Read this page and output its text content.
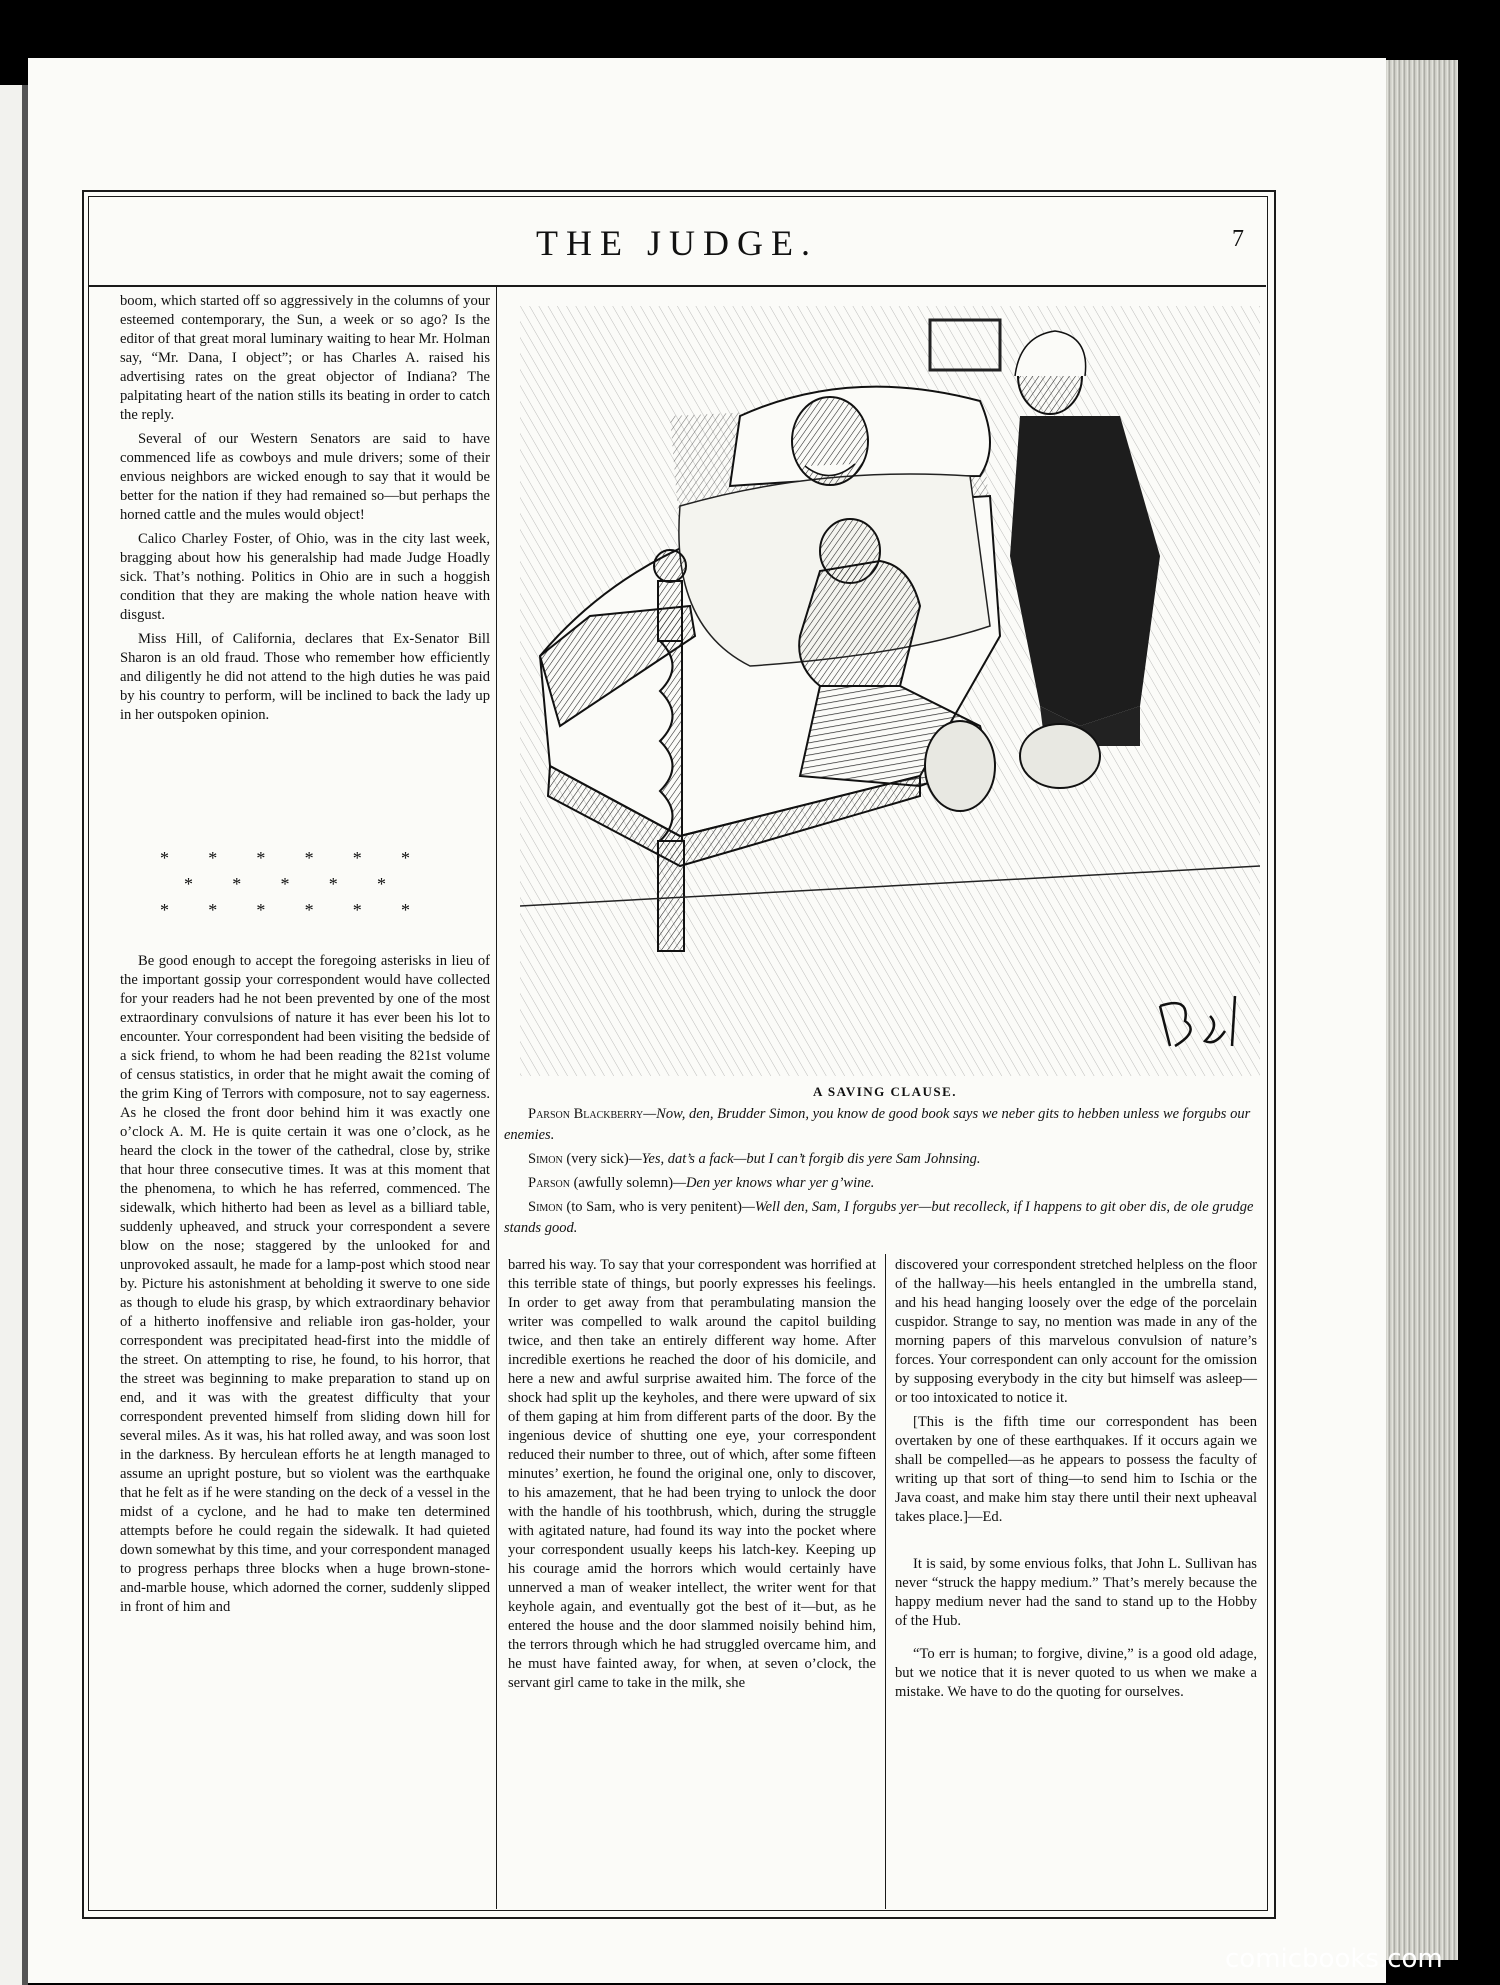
THE JUDGE.	7

boom, which started off so aggressively in the columns of your esteemed contemporary, the Sun, a week or so ago? Is the editor of that great moral luminary waiting to hear Mr. Holman say, “Mr. Dana, I object”; or has Charles A. raised his advertising rates on the great objector of Indiana? The palpitating heart of the nation stills its beating in order to catch the reply.

Several of our Western Senators are said to have commenced life as cowboys and mule drivers; some of their envious neighbors are wicked enough to say that it would be better for the nation if they had remained so—but perhaps the horned cattle and the mules would object!

Calico Charley Foster, of Ohio, was in the city last week, bragging about how his generalship had made Judge Hoadly sick. That’s nothing. Politics in Ohio are in such a hoggish condition that they are making the whole nation heave with disgust.

Miss Hill, of California, declares that Ex-Senator Bill Sharon is an old fraud. Those who remember how efficiently and diligently he did not attend to the high duties he was paid by his country to perform, will be inclined to back the lady up in her outspoken opinion.

* * * * * *
* * * * *
* * * * * *

Be good enough to accept the foregoing asterisks in lieu of the important gossip your correspondent would have collected for your readers had he not been prevented by one of the most extraordinary convulsions of nature it has ever been his lot to encounter. Your correspondent had been visiting the bedside of a sick friend, to whom he had been reading the 821st volume of census statistics, in order that he might await the coming of the grim King of Terrors with composure, not to say eagerness. As he closed the front door behind him it was exactly one o’clock A. M. He is quite certain it was one o’clock, as he heard the clock in the tower of the cathedral, close by, strike that hour three consecutive times. It was at this moment that the phenomena, to which he has referred, commenced. The sidewalk, which hitherto had been as level as a billiard table, suddenly upheaved, and struck your correspondent a severe blow on the nose; staggered by the unlooked for and unprovoked assault, he made for a lamp-post which stood near by. Picture his astonishment at beholding it swerve to one side as though to elude his grasp, by which extraordinary behavior of a hitherto inoffensive and reliable iron gas-holder, your correspondent was precipitated head-first into the middle of the street. On attempting to rise, he found, to his horror, that the street was beginning to make preparation to stand up on end, and it was with the greatest difficulty that your correspondent prevented himself from sliding down hill for several miles. As it was, his hat rolled away, and was soon lost in the darkness. By herculean efforts he at length managed to assume an upright posture, but so violent was the earthquake that he felt as if he were standing on the deck of a vessel in the midst of a cyclone, and he had to make ten determined attempts before he could regain the sidewalk. It had quieted down somewhat by this time, and your correspondent managed to progress perhaps three blocks when a huge brown-stone-and-marble house, which adorned the corner, suddenly slipped in front of him and

A SAVING CLAUSE.

Parson Blackberry—Now, den, Brudder Simon, you know de good book says we neber gits to hebben unless we forgubs our enemies.

Simon (very sick)—Yes, dat’s a fack—but I can’t forgib dis yere Sam Johnsing.

Parson (awfully solemn)—Den yer knows whar yer g’wine.

Simon (to Sam, who is very penitent)—Well den, Sam, I forgubs yer—but recolleck, if I happens to git ober dis, de ole grudge stands good.

barred his way. To say that your correspondent was horrified at this terrible state of things, but poorly expresses his feelings. In order to get away from that perambulating mansion the writer was compelled to walk around the capitol building twice, and then take an entirely different way home. After incredible exertions he reached the door of his domicile, and here a new and awful surprise awaited him. The force of the shock had split up the keyholes, and there were upward of six of them gaping at him from different parts of the door. By the ingenious device of shutting one eye, your correspondent reduced their number to three, out of which, after some fifteen minutes’ exertion, he found the original one, only to discover, to his amazement, that he had been trying to unlock the door with the handle of his toothbrush, which, during the struggle with agitated nature, had found its way into the pocket where your correspondent usually keeps his latch-key. Keeping up his courage amid the horrors which would certainly have unnerved a man of weaker intellect, the writer went for that keyhole again, and eventually got the best of it—but, as he entered the house and the door slammed noisily behind him, the terrors through which he had struggled overcame him, and he must have fainted away, for when, at seven o’clock, the servant girl came to take in the milk, she

discovered your correspondent stretched helpless on the floor of the hallway—his heels entangled in the umbrella stand, and his head hanging loosely over the edge of the porcelain cuspidor. Strange to say, no mention was made in any of the morning papers of this marvelous convulsion of nature’s forces. Your correspondent can only account for the omission by supposing everybody in the city but himself was asleep—or too intoxicated to notice it.

[This is the fifth time our correspondent has been overtaken by one of these earthquakes. If it occurs again we shall be compelled—as he appears to possess the faculty of writing up that sort of thing—to send him to Ischia or the Java coast, and make him stay there until their next upheaval takes place.]—Ed.

It is said, by some envious folks, that John L. Sullivan has never “struck the happy medium.” That’s merely because the happy medium never had the sand to stand up to the Hobby of the Hub.

“To err is human; to forgive, divine,” is a good old adage, but we notice that it is never quoted to us when we make a mistake. We have to do the quoting for ourselves.

comicbooks.com
